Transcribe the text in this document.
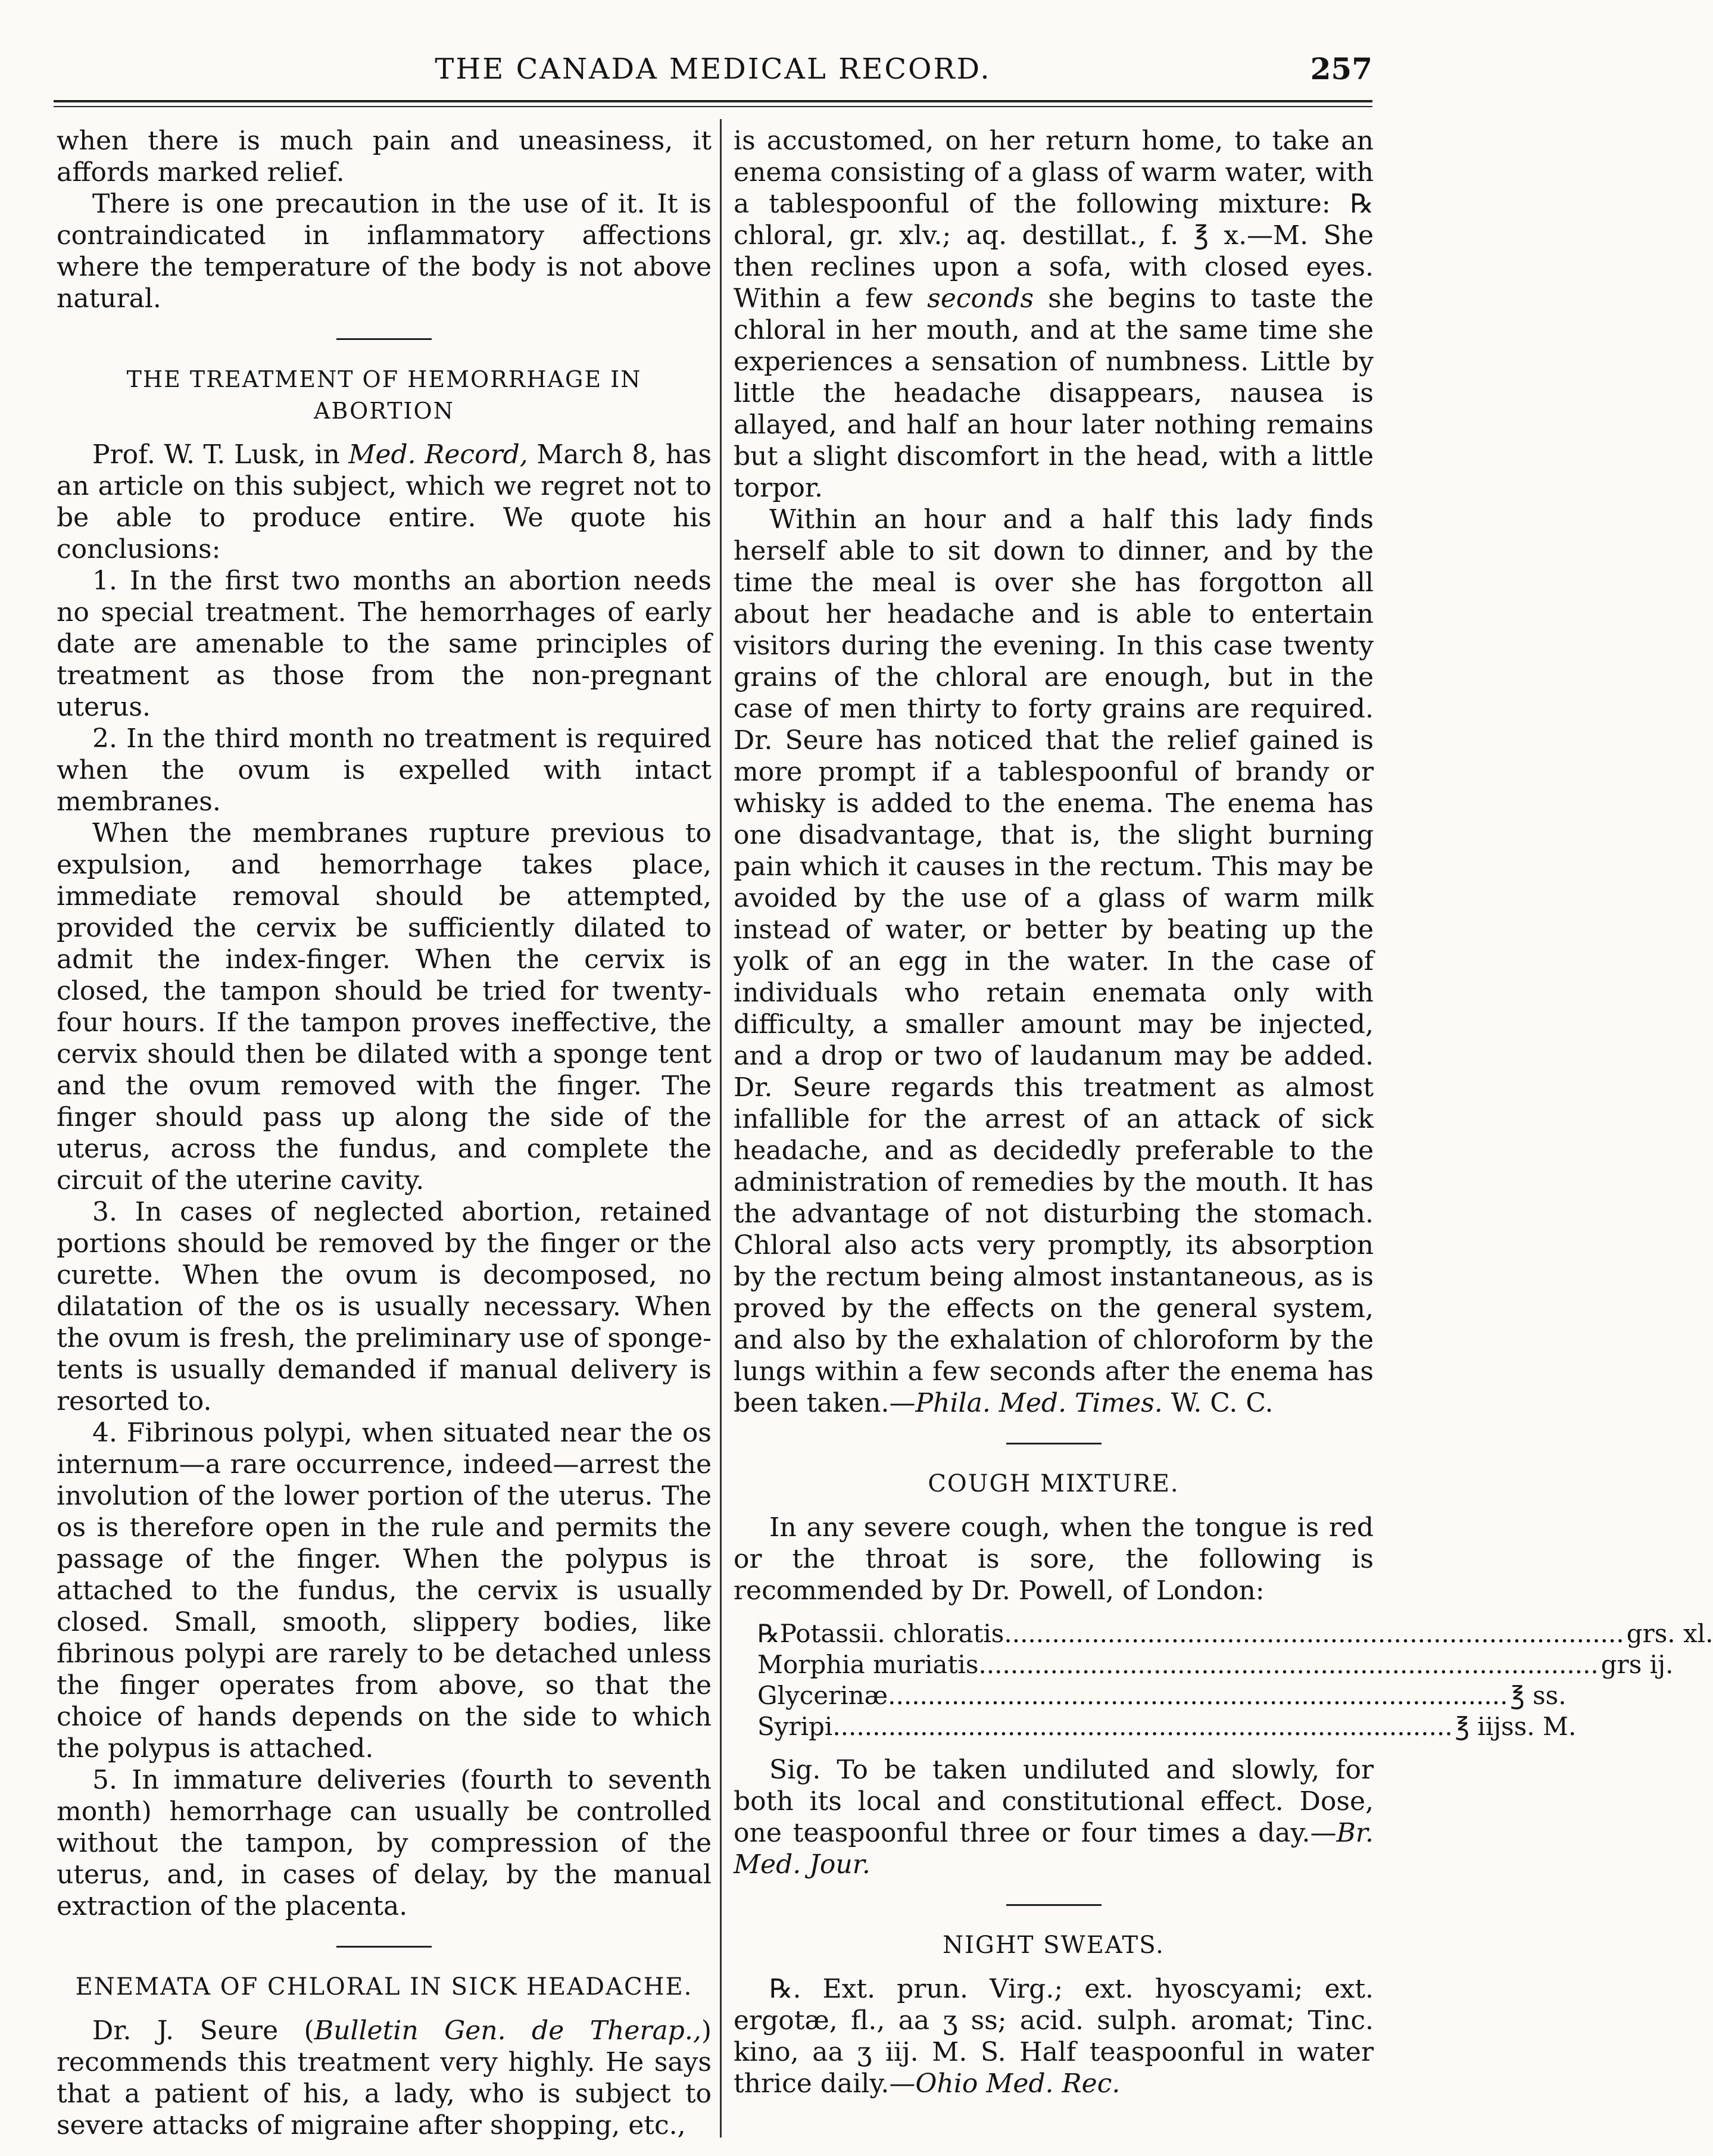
THE CANADA MEDICAL RECORD.	257

when there is much pain and uneasiness, it affords marked relief.

There is one precaution in the use of it. It is contraindicated in inflammatory affections where the temperature of the body is not above natural.

THE TREATMENT OF HEMORRHAGE IN ABORTION

Prof. W. T. Lusk, in Med. Record, March 8, has an article on this subject, which we regret not to be able to produce entire. We quote his conclusions:

1. In the first two months an abortion needs no special treatment. The hemorrhages of early date are amenable to the same principles of treatment as those from the non-pregnant uterus.

2. In the third month no treatment is required when the ovum is expelled with intact membranes.

When the membranes rupture previous to expulsion, and hemorrhage takes place, immediate removal should be attempted, provided the cervix be sufficiently dilated to admit the index-finger. When the cervix is closed, the tampon should be tried for twenty-four hours. If the tampon proves ineffective, the cervix should then be dilated with a sponge tent and the ovum removed with the finger. The finger should pass up along the side of the uterus, across the fundus, and complete the circuit of the uterine cavity.

3. In cases of neglected abortion, retained portions should be removed by the finger or the curette. When the ovum is decomposed, no dilatation of the os is usually necessary. When the ovum is fresh, the preliminary use of sponge-tents is usually demanded if manual delivery is resorted to.

4. Fibrinous polypi, when situated near the os internum—a rare occurrence, indeed—arrest the involution of the lower portion of the uterus. The os is therefore open in the rule and permits the passage of the finger. When the polypus is attached to the fundus, the cervix is usually closed. Small, smooth, slippery bodies, like fibrinous polypi are rarely to be detached unless the finger operates from above, so that the choice of hands depends on the side to which the polypus is attached.

5. In immature deliveries (fourth to seventh month) hemorrhage can usually be controlled without the tampon, by compression of the uterus, and, in cases of delay, by the manual extraction of the placenta.

ENEMATA OF CHLORAL IN SICK HEADACHE.

Dr. J. Seure (Bulletin Gen. de Therap.,) recommends this treatment very highly. He says that a patient of his, a lady, who is subject to severe attacks of migraine after shopping, etc.,

is accustomed, on her return home, to take an enema consisting of a glass of warm water, with a tablespoonful of the following mixture: ℞ chloral, gr. xlv.; aq. destillat., f. ℥ x.—M. She then reclines upon a sofa, with closed eyes. Within a few seconds she begins to taste the chloral in her mouth, and at the same time she experiences a sensation of numbness. Little by little the headache disappears, nausea is allayed, and half an hour later nothing remains but a slight discomfort in the head, with a little torpor.

Within an hour and a half this lady finds herself able to sit down to dinner, and by the time the meal is over she has forgotton all about her headache and is able to entertain visitors during the evening. In this case twenty grains of the chloral are enough, but in the case of men thirty to forty grains are required. Dr. Seure has noticed that the relief gained is more prompt if a tablespoonful of brandy or whisky is added to the enema. The enema has one disadvantage, that is, the slight burning pain which it causes in the rectum. This may be avoided by the use of a glass of warm milk instead of water, or better by beating up the yolk of an egg in the water. In the case of individuals who retain enemata only with difficulty, a smaller amount may be injected, and a drop or two of laudanum may be added. Dr. Seure regards this treatment as almost infallible for the arrest of an attack of sick headache, and as decidedly preferable to the administration of remedies by the mouth. It has the advantage of not disturbing the stomach. Chloral also acts very promptly, its absorption by the rectum being almost instantaneous, as is proved by the effects on the general system, and also by the exhalation of chloroform by the lungs within a few seconds after the enema has been taken.—Phila. Med. Times. W. C. C.

COUGH MIXTURE.

In any severe cough, when the tongue is red or the throat is sore, the following is recommended by Dr. Powell, of London:

℞ Potassii. chloratis .............................................................................. grs. xl.
Morphia muriatis .............................................................................. grs ij.
Glycerinæ .............................................................................. ℥ ss.
Syripi .............................................................................. ℥ iijss. M.

Sig. To be taken undiluted and slowly, for both its local and constitutional effect. Dose, one teaspoonful three or four times a day.—Br. Med. Jour.

NIGHT SWEATS.

℞. Ext. prun. Virg.; ext. hyoscyami; ext. ergotæ, fl., aa ʒ ss; acid. sulph. aromat; Tinc. kino, aa ʒ iij. M. S. Half teaspoonful in water thrice daily.—Ohio Med. Rec.
